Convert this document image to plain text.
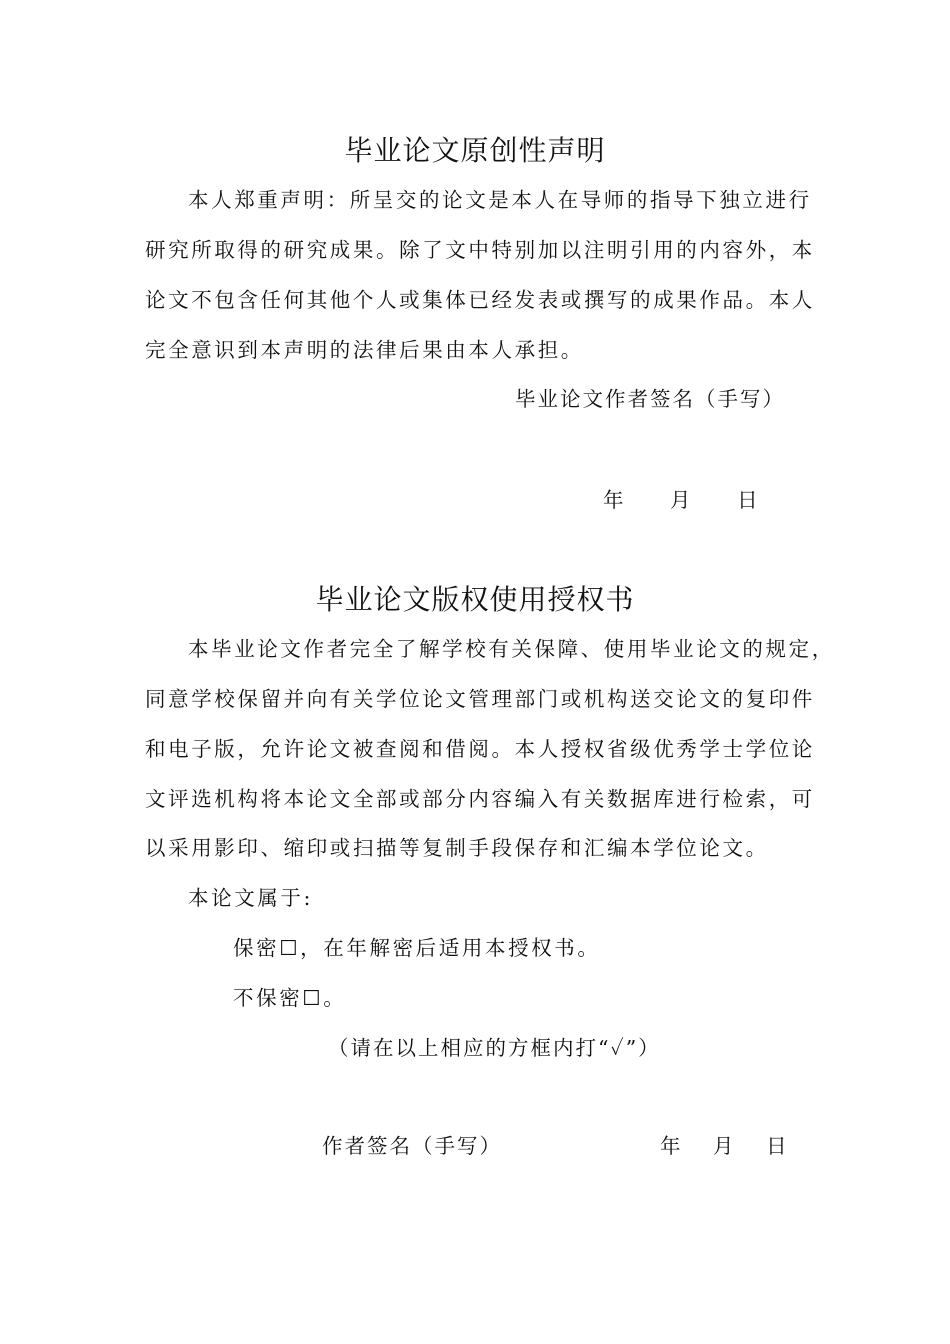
毕业论文原创性声明
本人郑重声明：所呈交的论文是本人在导师的指导下独立进行
研究所取得的研究成果。除了文中特别加以注明引用的内容外，本
论文不包含任何其他个人或集体已经发表或撰写的成果作品。本人
完全意识到本声明的法律后果由本人承担。
毕业论文作者签名（手写）
年 月 日
毕业论文版权使用授权书
本毕业论文作者完全了解学校有关保障、使用毕业论文的规定，
同意学校保留并向有关学位论文管理部门或机构送交论文的复印件
和电子版，允许论文被查阅和借阅。本人授权省级优秀学士学位论
文评选机构将本论文全部或部分内容编入有关数据库进行检索，可
以采用影印、缩印或扫描等复制手段保存和汇编本学位论文。
本论文属于:
保密☐，在年解密后适用本授权书。
不保密☐。
（请在以上相应的方框内打“✓”）
作者签名（手写）	年 月 日
